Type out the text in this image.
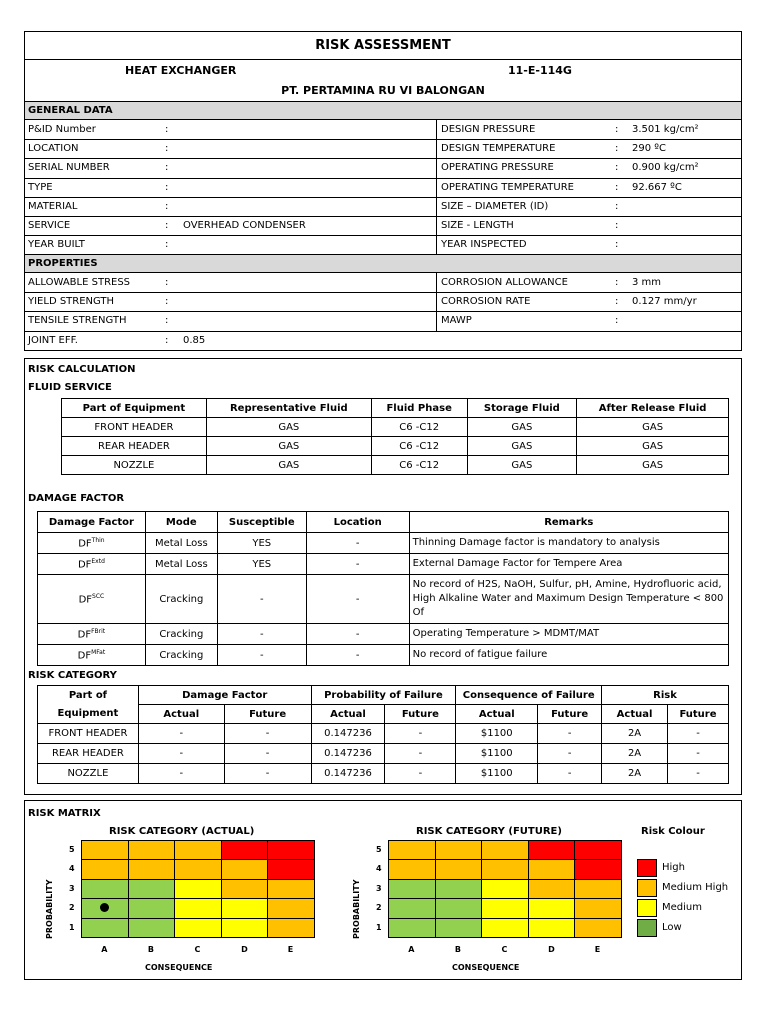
RISK ASSESSMENT
HEAT EXCHANGER	11-E-114G
PT. PERTAMINA RU VI BALONGAN
GENERAL DATA
P&ID Number	:	DESIGN PRESSURE	: 3.501 kg/cm²
LOCATION	:	DESIGN TEMPERATURE	: 290 ºC
SERIAL NUMBER	:	OPERATING PRESSURE	: 0.900 kg/cm²
TYPE	:	OPERATING TEMPERATURE	: 92.667 ºC
MATERIAL	:	SIZE – DIAMETER (ID)	:
SERVICE	: OVERHEAD CONDENSER	SIZE - LENGTH	:
YEAR BUILT	:	YEAR INSPECTED	:
PROPERTIES
ALLOWABLE STRESS	:	CORROSION ALLOWANCE	: 3 mm
YIELD STRENGTH	:	CORROSION RATE	: 0.127 mm/yr
TENSILE STRENGTH	:	MAWP	:
JOINT EFF.	: 0.85
RISK CALCULATION
FLUID SERVICE
Part of Equipment	Representative Fluid	Fluid Phase	Storage Fluid	After Release Fluid
FRONT HEADER	GAS	C6 -C12	GAS	GAS
REAR HEADER	GAS	C6 -C12	GAS	GAS
NOZZLE	GAS	C6 -C12	GAS	GAS
DAMAGE FACTOR
Damage Factor	Mode	Susceptible	Location	Remarks
$DF^{Thin}$	Metal Loss	YES	-	Thinning Damage factor is mandatory to analysis
$DF^{Extd}$	Metal Loss	YES	-	External Damage Factor for Tempere Area
$DF^{SCC}$	Cracking	-	-	No record of H2S, NaOH, Sulfur, pH, Amine, Hydrofluoric acid, High Alkaline Water and Maximum Design Temperature < 800 Of
$DF^{FBrit}$	Cracking	-	-	Operating Temperature > MDMT/MAT
$DF^{MFat}$	Cracking	-	-	No record of fatigue failure
RISK CATEGORY
Part of Equipment	Damage Factor		Probability of Failure		Consequence of Failure		Risk	
	Actual	Future	Actual	Future	Actual	Future	Actual	Future
FRONT HEADER	-	-	0.147236	-	$1100	-	2A	-
REAR HEADER	-	-	0.147236	-	$1100	-	2A	-
NOZZLE	-	-	0.147236	-	$1100	-	2A	-
RISK MATRIX
RISK CATEGORY (ACTUAL)

5
4
3
2
1
A	B	C	D	E
CONSEQUENCE
PROBABILITY
RISK CATEGORY (FUTURE)

5
4
3
2
1
A	B	C	D	E
CONSEQUENCE
PROBABILITY
Risk Colour
High
Medium High
Medium
Low
